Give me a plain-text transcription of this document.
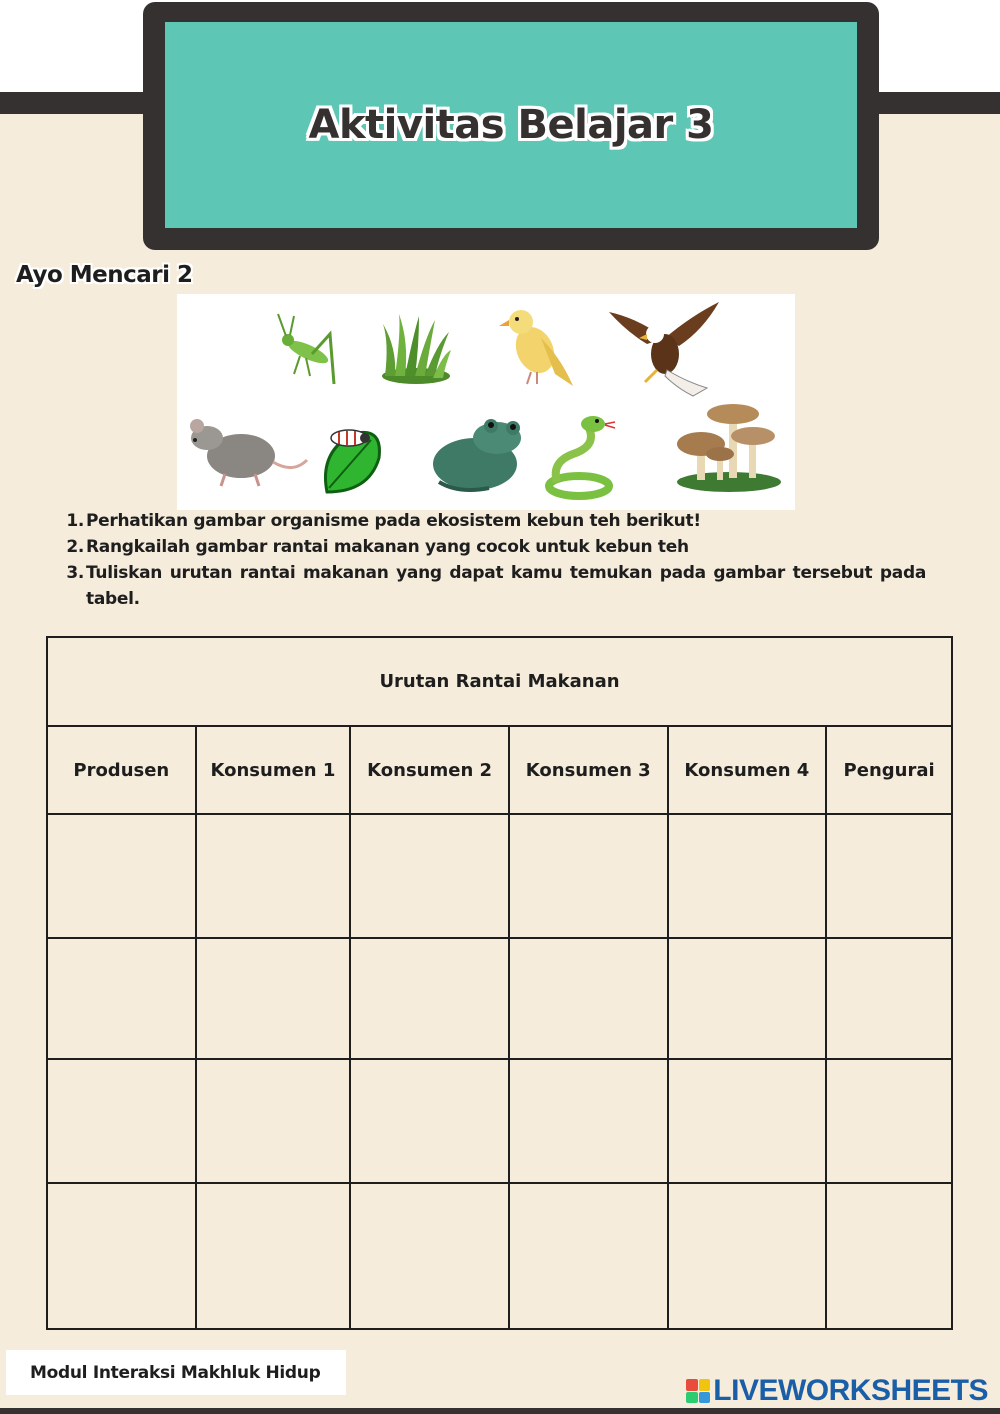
Aktivitas Belajar 3
Ayo Mencari 2
1. Perhatikan gambar organisme pada ekosistem kebun teh berikut!
2. Rangkailah gambar rantai makanan yang cocok untuk kebun teh
3. Tuliskan urutan rantai makanan yang dapat kamu temukan pada gambar tersebut pada tabel.
Urutan Rantai Makanan					
Produsen	Konsumen 1	Konsumen 2	Konsumen 3	Konsumen 4	Pengurai

Modul Interaksi Makhluk Hidup
LIVEWORKSHEETS
